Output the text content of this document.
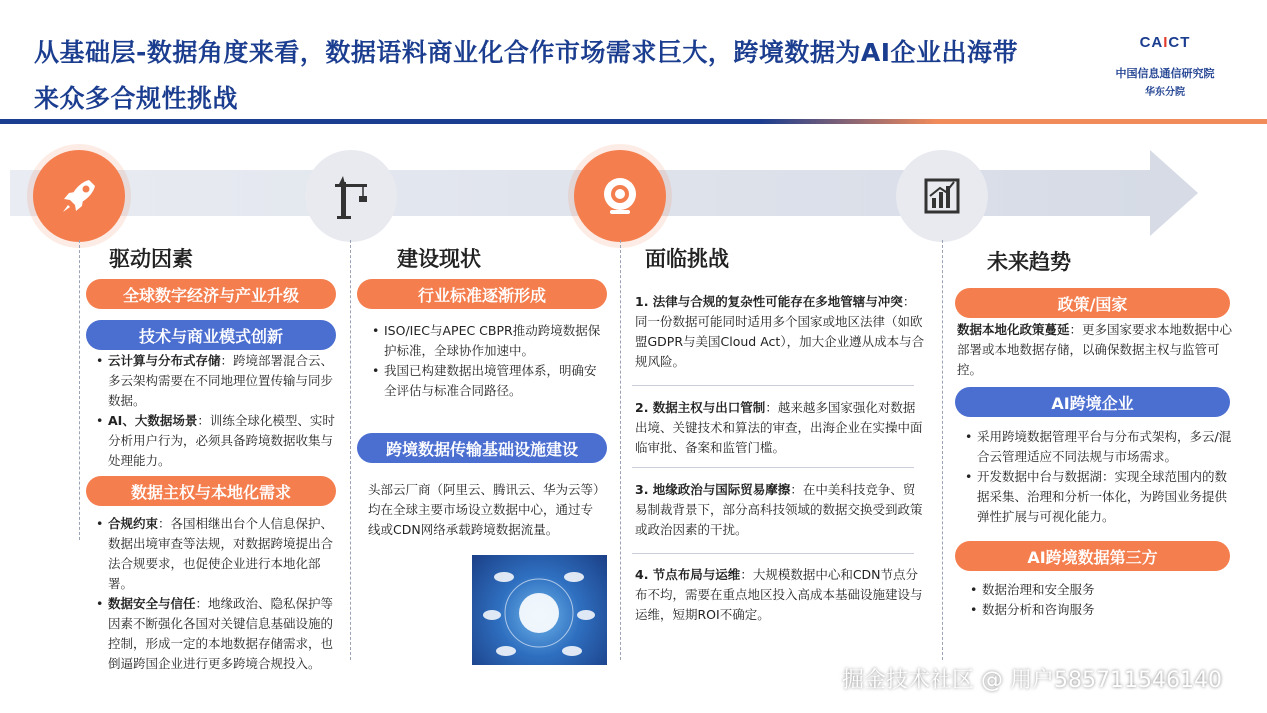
从基础层-数据角度来看，数据语料商业化合作市场需求巨大，跨境数据为AI企业出海带
来众多合规性挑战
CAICT
中国信息通信研究院
华东分院
驱动因素	建设现状	面临挑战	未来趋势
全球数字经济与产业升级
技术与商业模式创新
• 云计算与分布式存储：跨境部署混合云、多云架构需要在不同地理位置传输与同步数据。
• AI、大数据场景：训练全球化模型、实时分析用户行为，必须具备跨境数据收集与处理能力。
数据主权与本地化需求
• 合规约束：各国相继出台个人信息保护、数据出境审查等法规，对数据跨境提出合法合规要求，也促使企业进行本地化部署。
• 数据安全与信任：地缘政治、隐私保护等因素不断强化各国对关键信息基础设施的控制，形成一定的本地数据存储需求，也倒逼跨国企业进行更多跨境合规投入。
行业标准逐渐形成
• ISO/IEC与APEC CBPR推动跨境数据保护标准，全球协作加速中。
• 我国已构建数据出境管理体系，明确安全评估与标准合同路径。
跨境数据传输基础设施建设
头部云厂商（阿里云、腾讯云、华为云等）均在全球主要市场设立数据中心，通过专线或CDN网络承载跨境数据流量。
1. 法律与合规的复杂性可能存在多地管辖与冲突：同一份数据可能同时适用多个国家或地区法律（如欧盟GDPR与美国Cloud Act），加大企业遵从成本与合规风险。
2. 数据主权与出口管制：越来越多国家强化对数据出境、关键技术和算法的审查，出海企业在实操中面临审批、备案和监管门槛。
3. 地缘政治与国际贸易摩擦：在中美科技竞争、贸易制裁背景下，部分高科技领域的数据交换受到政策或政治因素的干扰。
4. 节点布局与运维：大规模数据中心和CDN节点分布不均，需要在重点地区投入高成本基础设施建设与运维，短期ROI不确定。
政策/国家
数据本地化政策蔓延：更多国家要求本地数据中心部署或本地数据存储，以确保数据主权与监管可控。
AI跨境企业
• 采用跨境数据管理平台与分布式架构，多云/混合云管理适应不同法规与市场需求。
• 开发数据中台与数据湖：实现全球范围内的数据采集、治理和分析一体化，为跨国业务提供弹性扩展与可视化能力。
AI跨境数据第三方
• 数据治理和安全服务
• 数据分析和咨询服务
掘金技术社区 @ 用户585711546140
